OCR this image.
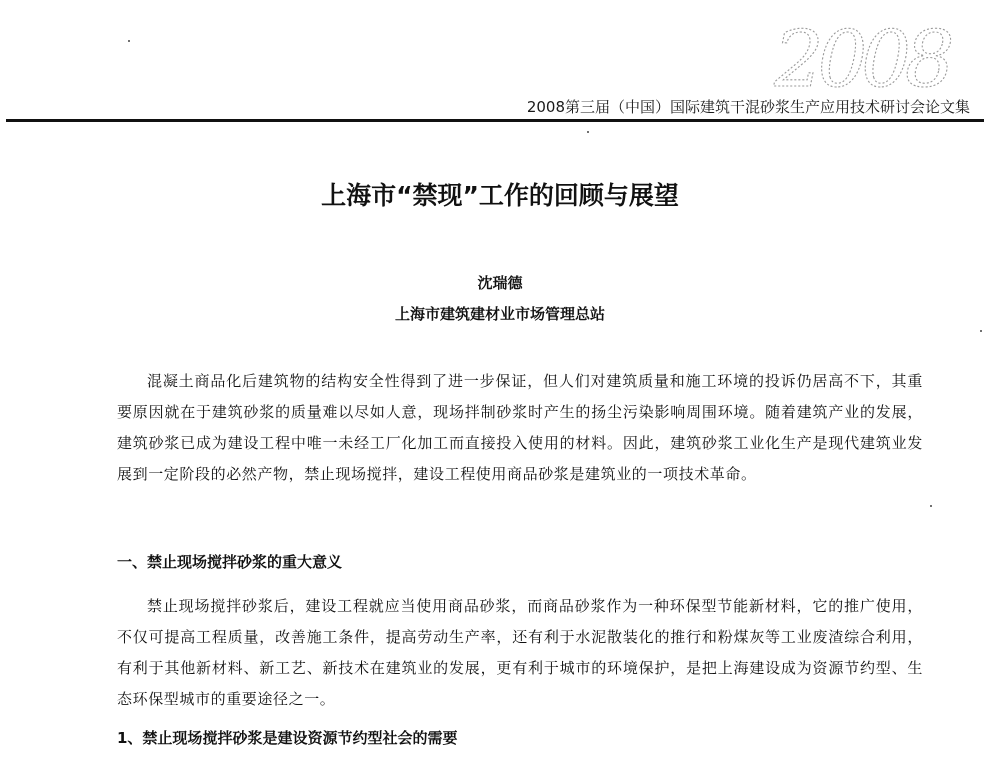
2008
2008第三届（中国）国际建筑干混砂浆生产应用技术研讨会论文集
上海市“禁现”工作的回顾与展望
沈瑞德
上海市建筑建材业市场管理总站
混凝土商品化后建筑物的结构安全性得到了进一步保证，但人们对建筑质量和施工环境的投诉仍居高不下，其重要原因就在于建筑砂浆的质量难以尽如人意，现场拌制砂浆时产生的扬尘污染影响周围环境。随着建筑产业的发展，建筑砂浆已成为建设工程中唯一未经工厂化加工而直接投入使用的材料。因此，建筑砂浆工业化生产是现代建筑业发展到一定阶段的必然产物，禁止现场搅拌，建设工程使用商品砂浆是建筑业的一项技术革命。
一、禁止现场搅拌砂浆的重大意义
禁止现场搅拌砂浆后，建设工程就应当使用商品砂浆，而商品砂浆作为一种环保型节能新材料，它的推广使用，不仅可提高工程质量，改善施工条件，提高劳动生产率，还有利于水泥散装化的推行和粉煤灰等工业废渣综合利用，有利于其他新材料、新工艺、新技术在建筑业的发展，更有利于城市的环境保护，是把上海建设成为资源节约型、生态环保型城市的重要途径之一。
1、禁止现场搅拌砂浆是建设资源节约型社会的需要
